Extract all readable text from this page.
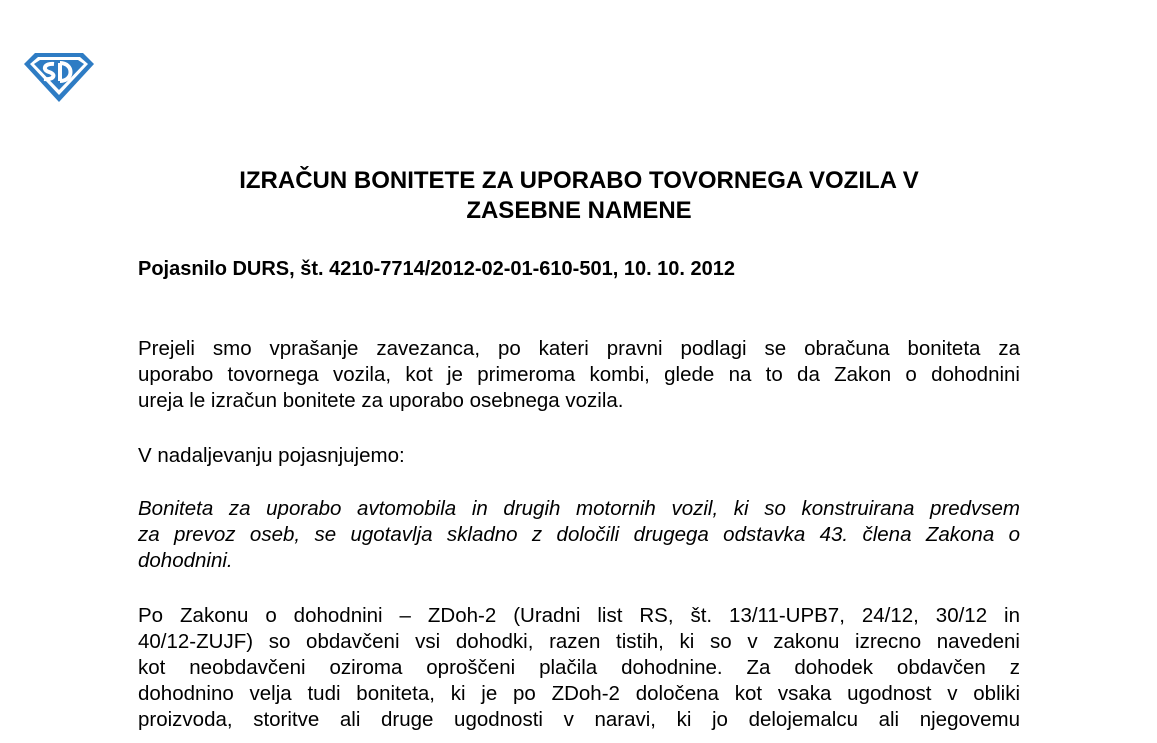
IZRAČUN BONITETE ZA UPORABO TOVORNEGA VOZILA V
ZASEBNE NAMENE

Pojasnilo DURS, št. 4210-7714/2012-02-01-610-501, 10. 10. 2012

Prejeli smo vprašanje zavezanca, po kateri pravni podlagi se obračuna boniteta za
uporabo tovornega vozila, kot je primeroma kombi, glede na to da Zakon o dohodnini
ureja le izračun bonitete za uporabo osebnega vozila.

V nadaljevanju pojasnjujemo:

Boniteta za uporabo avtomobila in drugih motornih vozil, ki so konstruirana predvsem
za prevoz oseb, se ugotavlja skladno z določili drugega odstavka 43. člena Zakona o
dohodnini.

Po Zakonu o dohodnini – ZDoh-2 (Uradni list RS, št. 13/11-UPB7, 24/12, 30/12 in
40/12-ZUJF) so obdavčeni vsi dohodki, razen tistih, ki so v zakonu izrecno navedeni
kot neobdavčeni oziroma oproščeni plačila dohodnine. Za dohodek obdavčen z
dohodnino velja tudi boniteta, ki je po ZDoh-2 določena kot vsaka ugodnost v obliki
proizvoda, storitve ali druge ugodnosti v naravi, ki jo delojemalcu ali njegovemu
